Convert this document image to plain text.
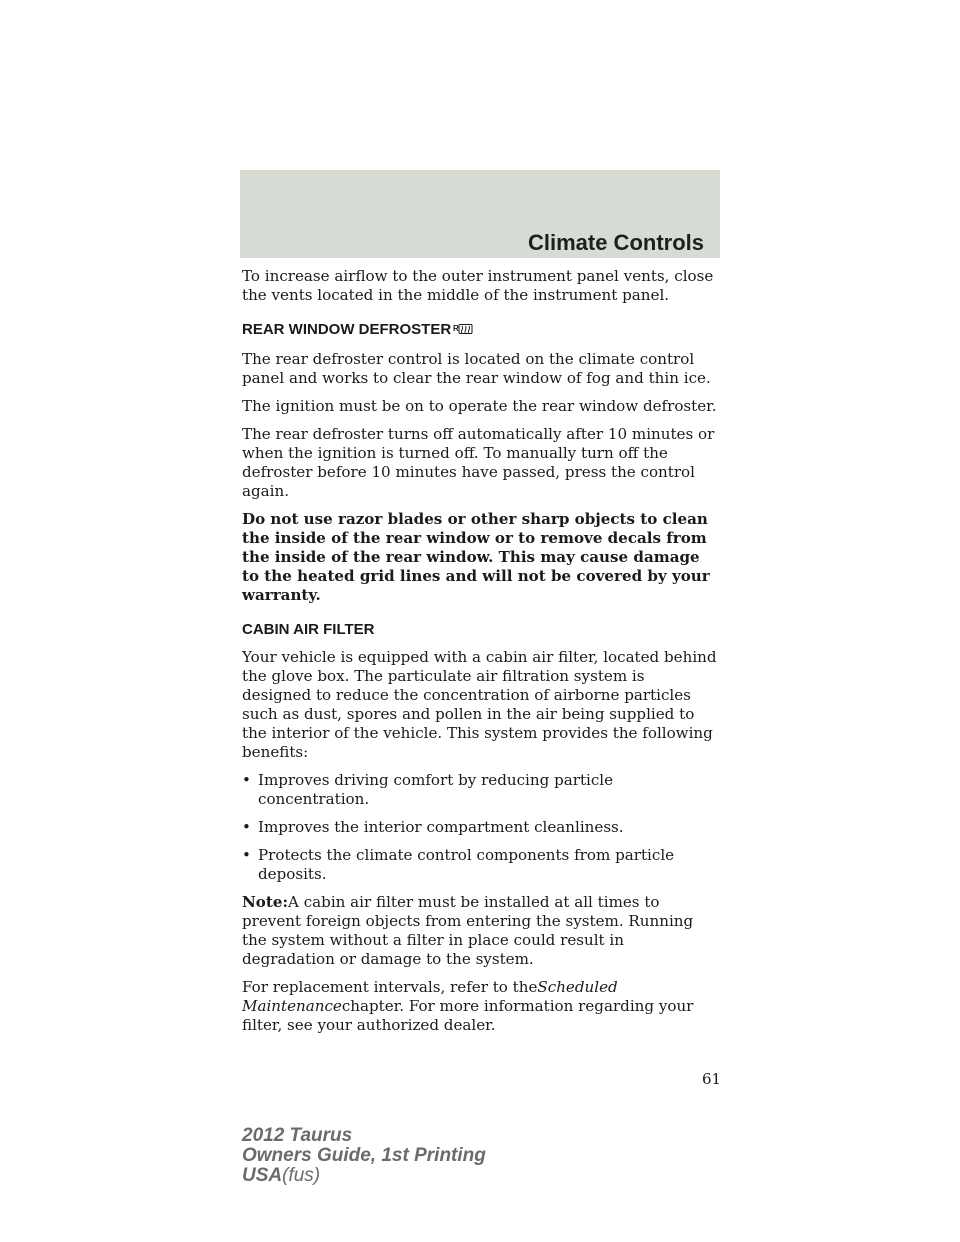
Climate Controls

To increase airflow to the outer instrument panel vents, close the vents located in the middle of the instrument panel.

REAR WINDOW DEFROSTER R

The rear defroster control is located on the climate control panel and works to clear the rear window of fog and thin ice.

The ignition must be on to operate the rear window defroster.

The rear defroster turns off automatically after 10 minutes or when the ignition is turned off. To manually turn off the defroster before 10 minutes have passed, press the control again.

Do not use razor blades or other sharp objects to clean the inside of the rear window or to remove decals from the inside of the rear window. This may cause damage to the heated grid lines and will not be covered by your warranty.

CABIN AIR FILTER

Your vehicle is equipped with a cabin air filter, located behind the glove box. The particulate air filtration system is designed to reduce the concentration of airborne particles such as dust, spores and pollen in the air being supplied to the interior of the vehicle. This system provides the following benefits:

• Improves driving comfort by reducing particle concentration.
• Improves the interior compartment cleanliness.
• Protects the climate control components from particle deposits.

Note:A cabin air filter must be installed at all times to prevent foreign objects from entering the system. Running the system without a filter in place could result in degradation or damage to the system.

For replacement intervals, refer to theScheduled Maintenancechapter. For more information regarding your filter, see your authorized dealer.

61
2012 Taurus
Owners Guide, 1st Printing
USA(fus)
